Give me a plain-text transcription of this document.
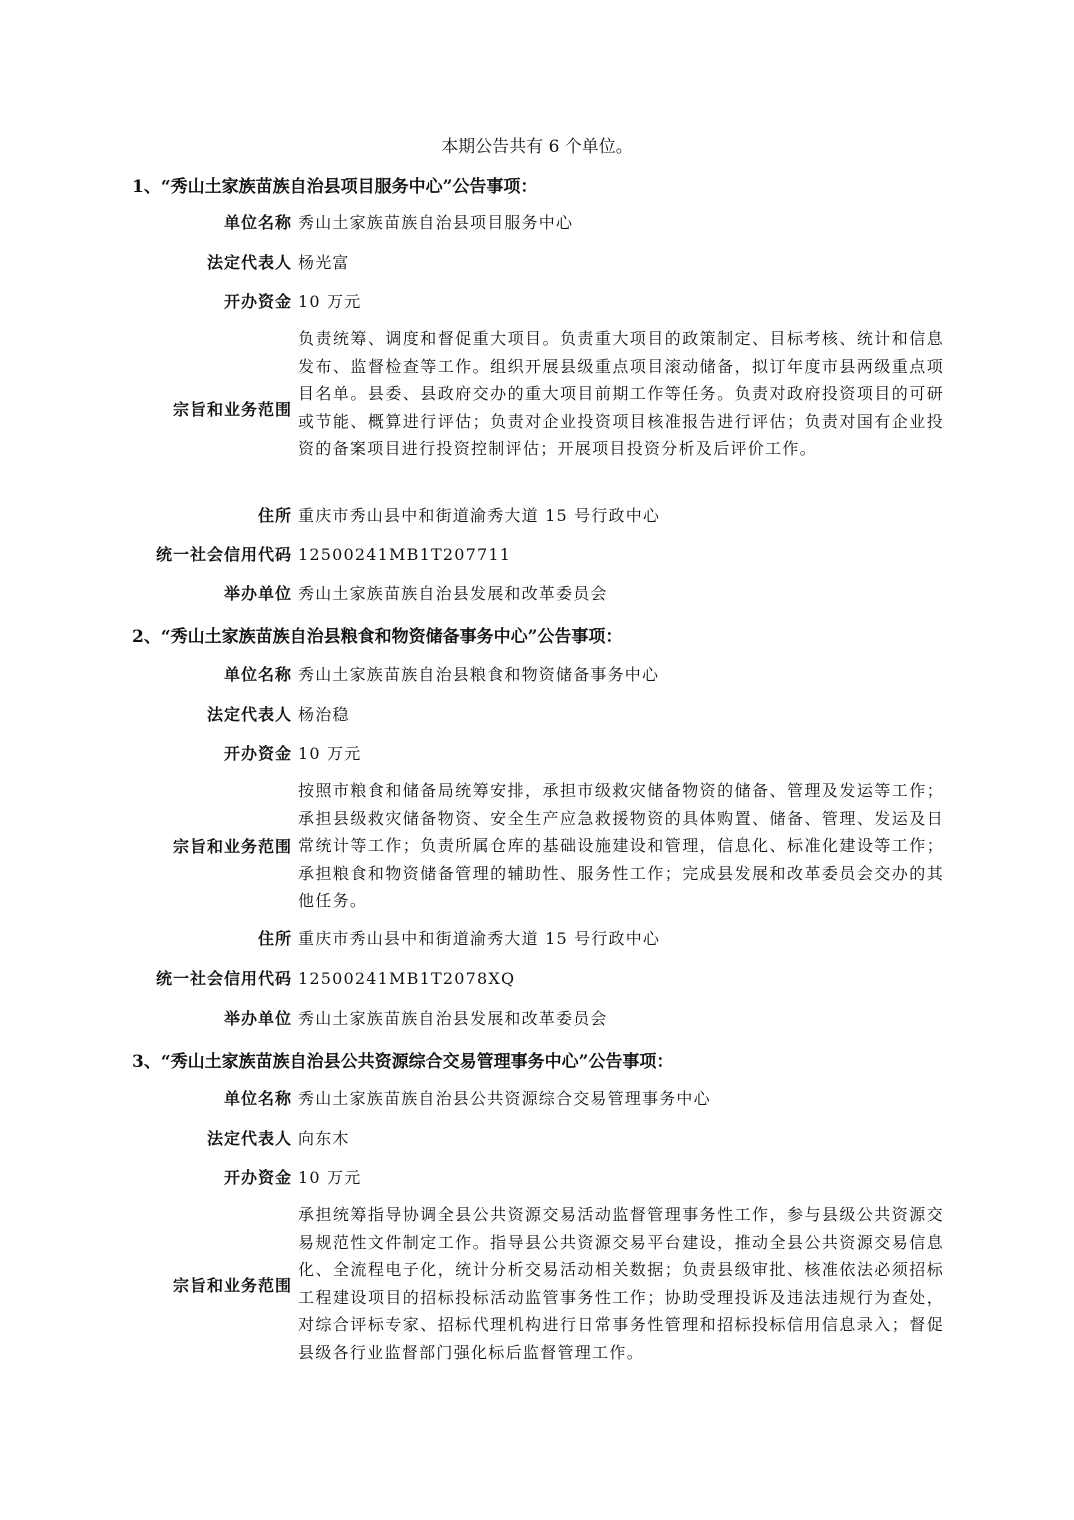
本期公告共有 6 个单位。
1、“秀山土家族苗族自治县项目服务中心”公告事项：
单位名称 秀山土家族苗族自治县项目服务中心
法定代表人 杨光富
开办资金 10 万元
宗旨和业务范围
负责统筹、调度和督促重大项目。负责重大项目的政策制定、目标考核、统计和信息发布、监督检查等工作。组织开展县级重点项目滚动储备，拟订年度市县两级重点项目名单。县委、县政府交办的重大项目前期工作等任务。负责对政府投资项目的可研或节能、概算进行评估；负责对企业投资项目核准报告进行评估；负责对国有企业投资的备案项目进行投资控制评估；开展项目投资分析及后评价工作。
住所 重庆市秀山县中和街道渝秀大道 15 号行政中心
统一社会信用代码 12500241MB1T207711
举办单位 秀山土家族苗族自治县发展和改革委员会
2、“秀山土家族苗族自治县粮食和物资储备事务中心”公告事项：
单位名称 秀山土家族苗族自治县粮食和物资储备事务中心
法定代表人 杨治稳
开办资金 10 万元
宗旨和业务范围
按照市粮食和储备局统筹安排，承担市级救灾储备物资的储备、管理及发运等工作；承担县级救灾储备物资、安全生产应急救援物资的具体购置、储备、管理、发运及日常统计等工作；负责所属仓库的基础设施建设和管理，信息化、标准化建设等工作；承担粮食和物资储备管理的辅助性、服务性工作；完成县发展和改革委员会交办的其他任务。
住所 重庆市秀山县中和街道渝秀大道 15 号行政中心
统一社会信用代码 12500241MB1T2078XQ
举办单位 秀山土家族苗族自治县发展和改革委员会
3、“秀山土家族苗族自治县公共资源综合交易管理事务中心”公告事项：
单位名称 秀山土家族苗族自治县公共资源综合交易管理事务中心
法定代表人 向东木
开办资金 10 万元
宗旨和业务范围
承担统筹指导协调全县公共资源交易活动监督管理事务性工作，参与县级公共资源交易规范性文件制定工作。指导县公共资源交易平台建设，推动全县公共资源交易信息化、全流程电子化，统计分析交易活动相关数据；负责县级审批、核准依法必须招标工程建设项目的招标投标活动监管事务性工作；协助受理投诉及违法违规行为查处，对综合评标专家、招标代理机构进行日常事务性管理和招标投标信用信息录入；督促县级各行业监督部门强化标后监督管理工作。
